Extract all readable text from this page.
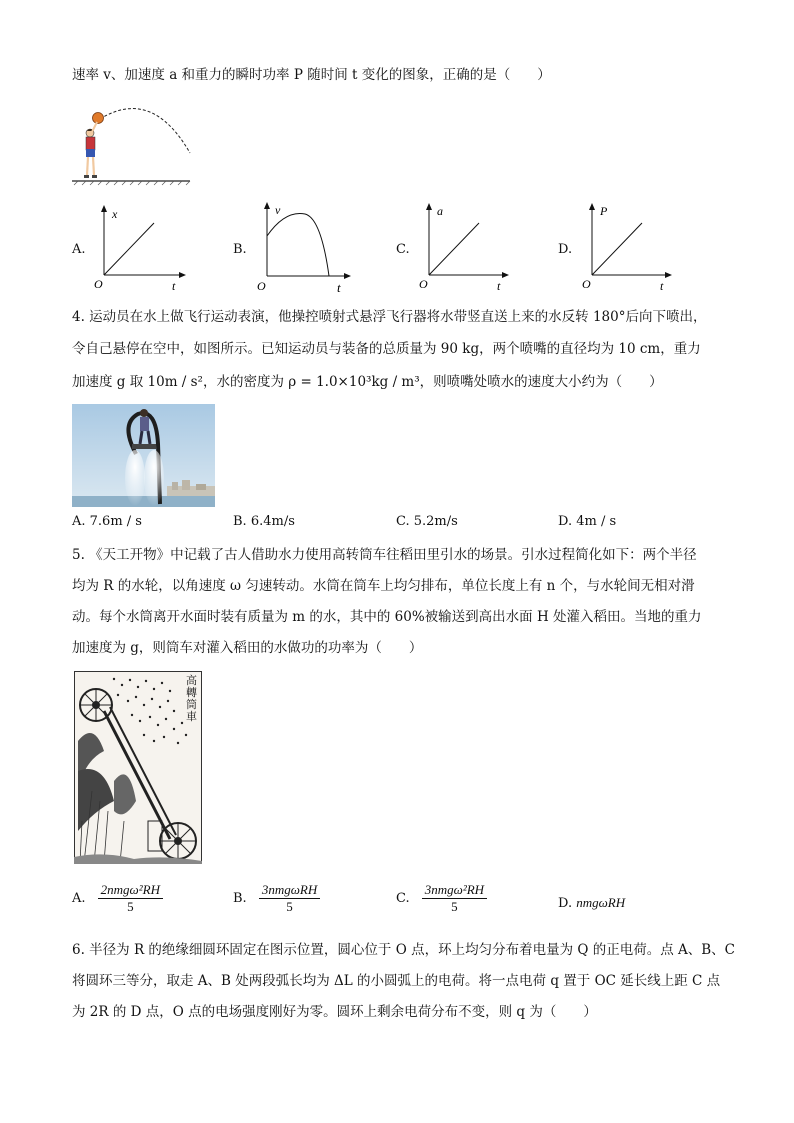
速率 v、加速度 a 和重力的瞬时功率 P 随时间 t 变化的图象，正确的是（　　）
A.
x
t
O
B.
v
t
O
C.
a
t
O
D.
P
t
O
4. 运动员在水上做飞行运动表演，他操控喷射式悬浮飞行器将水带竖直送上来的水反转 180°后向下喷出，
令自己悬停在空中，如图所示。已知运动员与装备的总质量为 90 kg，两个喷嘴的直径均为 10 cm，重力
加速度 g 取 10m / s²，水的密度为 ρ = 1.0×10³kg / m³，则喷嘴处喷水的速度大小约为（　　）
A. 7.6m / s	B. 6.4m/s	C. 5.2m/s	D. 4m / s
5. 《天工开物》中记载了古人借助水力使用高转筒车往稻田里引水的场景。引水过程简化如下：两个半径
均为 R 的水轮，以角速度 ω 匀速转动。水筒在筒车上均匀排布，单位长度上有 n 个，与水轮间无相对滑
动。每个水筒离开水面时装有质量为 m 的水，其中的 60%被输送到高出水面 H 处灌入稻田。当地的重力
加速度为 g，则筒车对灌入稻田的水做功的功率为（　　）
高轉筒車
A. $\frac{\text{2nmgω²RH}}{5}$	B. $\frac{\text{3nmgωRH}}{5}$	C. $\frac{\text{3nmgω²RH}}{5}$	D. nmgωRH
6. 半径为 R 的绝缘细圆环固定在图示位置，圆心位于 O 点，环上均匀分布着电量为 Q 的正电荷。点 A、B、C
将圆环三等分，取走 A、B 处两段弧长均为 ΔL 的小圆弧上的电荷。将一点电荷 q 置于 OC 延长线上距 C 点
为 2R 的 D 点，O 点的电场强度刚好为零。圆环上剩余电荷分布不变，则 q 为（　　）
